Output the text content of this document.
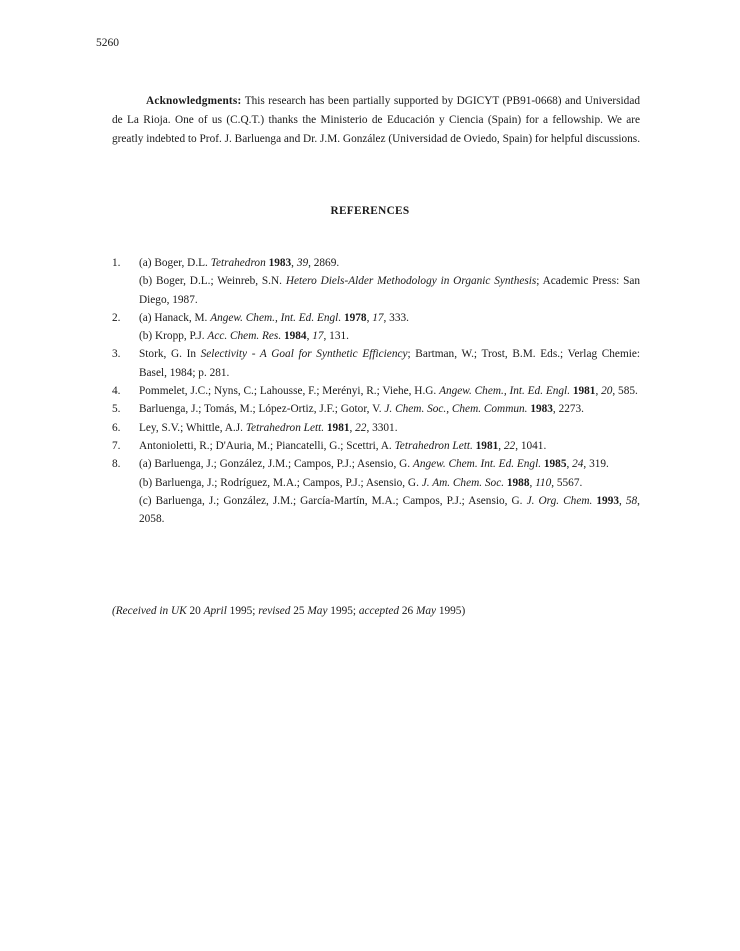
5260
Acknowledgments: This research has been partially supported by DGICYT (PB91-0668) and Universidad de La Rioja. One of us (C.Q.T.) thanks the Ministerio de Educación y Ciencia (Spain) for a fellowship. We are greatly indebted to Prof. J. Barluenga and Dr. J.M. González (Universidad de Oviedo, Spain) for helpful discussions.
REFERENCES
1.	(a) Boger, D.L. Tetrahedron 1983, 39, 2869.

(b) Boger, D.L.; Weinreb, S.N. Hetero Diels-Alder Methodology in Organic Synthesis; Academic Press: San Diego, 1987.

2.	(a) Hanack, M. Angew. Chem., Int. Ed. Engl. 1978, 17, 333.

(b) Kropp, P.J. Acc. Chem. Res. 1984, 17, 131.

3.	Stork, G. In Selectivity - A Goal for Synthetic Efficiency; Bartman, W.; Trost, B.M. Eds.; Verlag Chemie: Basel, 1984; p. 281.

4.	Pommelet, J.C.; Nyns, C.; Lahousse, F.; Merényi, R.; Viehe, H.G. Angew. Chem., Int. Ed. Engl. 1981, 20, 585.

5.	Barluenga, J.; Tomás, M.; López-Ortiz, J.F.; Gotor, V. J. Chem. Soc., Chem. Commun. 1983, 2273.

6.	Ley, S.V.; Whittle, A.J. Tetrahedron Lett. 1981, 22, 3301.

7.	Antonioletti, R.; D'Auria, M.; Piancatelli, G.; Scettri, A. Tetrahedron Lett. 1981, 22, 1041.

8.	(a) Barluenga, J.; González, J.M.; Campos, P.J.; Asensio, G. Angew. Chem. Int. Ed. Engl. 1985, 24, 319.

(b) Barluenga, J.; Rodríguez, M.A.; Campos, P.J.; Asensio, G. J. Am. Chem. Soc. 1988, 110, 5567.

(c) Barluenga, J.; González, J.M.; García-Martín, M.A.; Campos, P.J.; Asensio, G. J. Org. Chem. 1993, 58, 2058.

(Received in UK 20 April 1995; revised 25 May 1995; accepted 26 May 1995)
